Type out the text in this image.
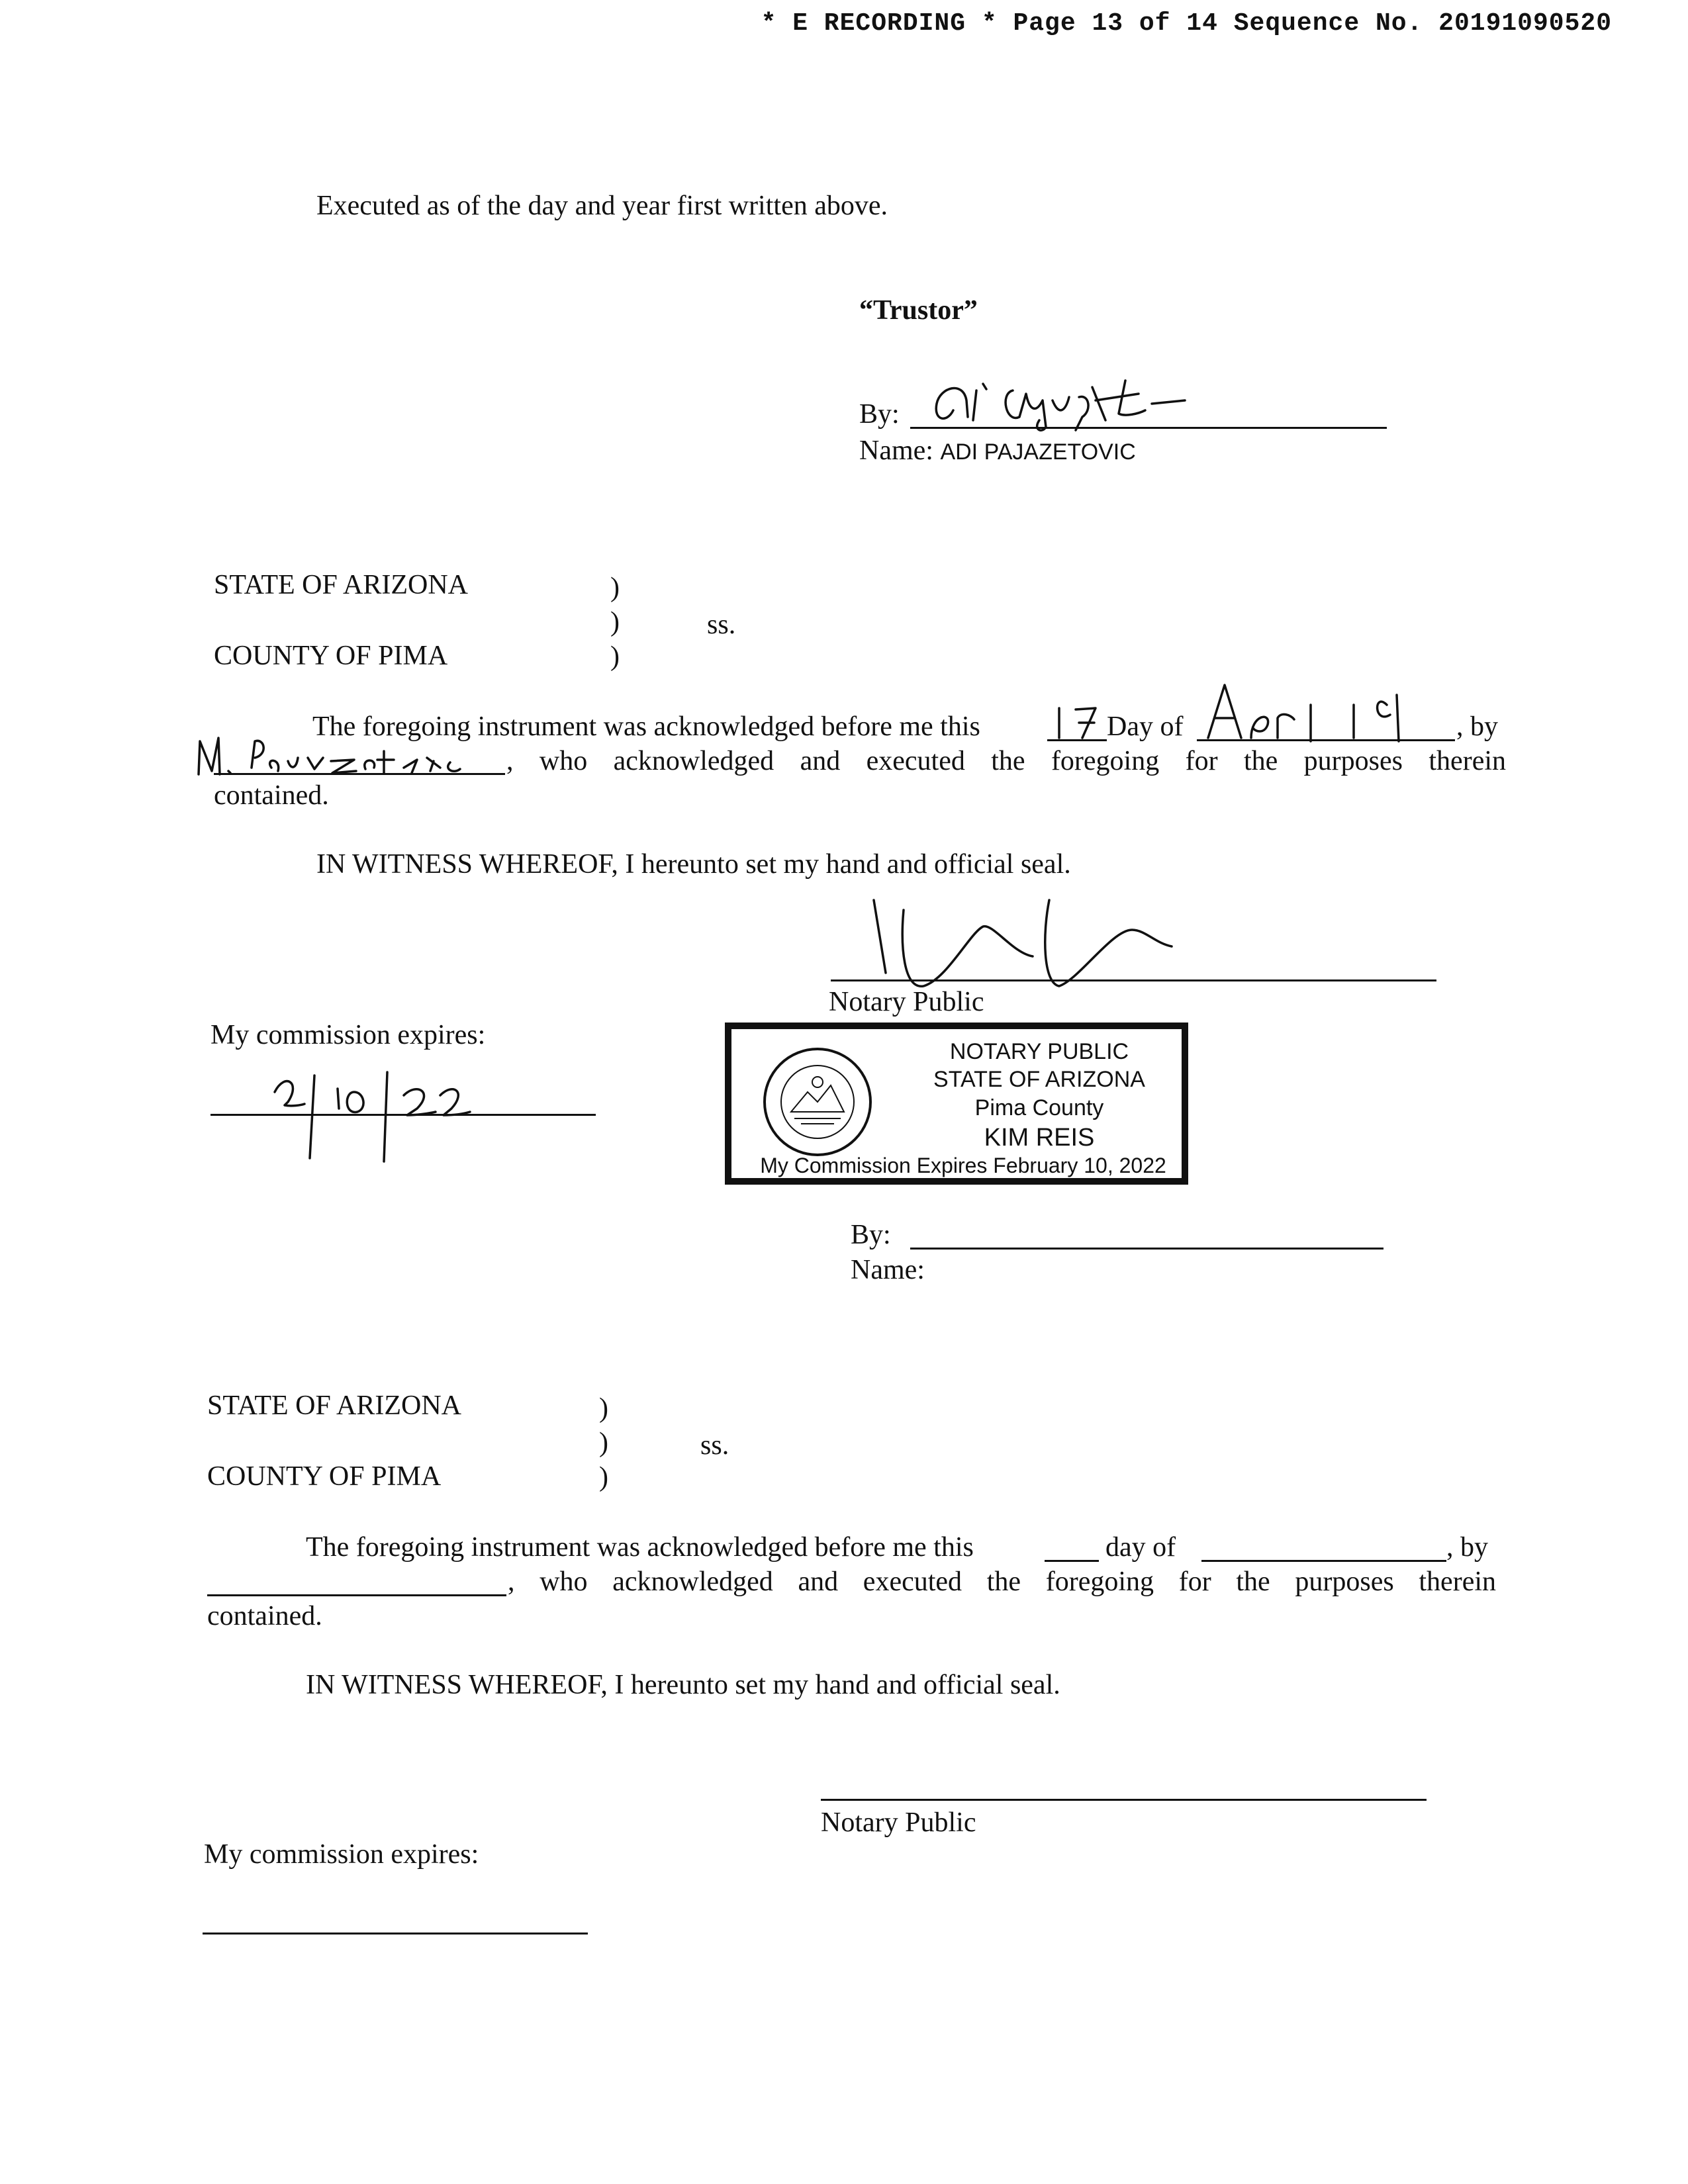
* E RECORDING * Page 13 of 14 Sequence No. 20191090520
Executed as of the day and year first written above.
“Trustor”
By:
Name: ADI PAJAZETOVIC
STATE OF ARIZONA	)
)	ss.
)
COUNTY OF PIMA
The foregoing instrument was acknowledged before me this	Day of	, by
, who acknowledged and executed the foregoing for the purposes therein
contained.
IN WITNESS WHEREOF, I hereunto set my hand and official seal.
Notary Public
My commission expires:
NOTARY PUBLIC
STATE OF ARIZONA
Pima County
KIM REIS
My Commission Expires February 10, 2022
By:
Name:
STATE OF ARIZONA	)
)	ss.
)
COUNTY OF PIMA
The foregoing instrument was acknowledged before me this	day of	, by
, who acknowledged and executed the foregoing for the purposes therein
contained.
IN WITNESS WHEREOF, I hereunto set my hand and official seal.
Notary Public
My commission expires:
